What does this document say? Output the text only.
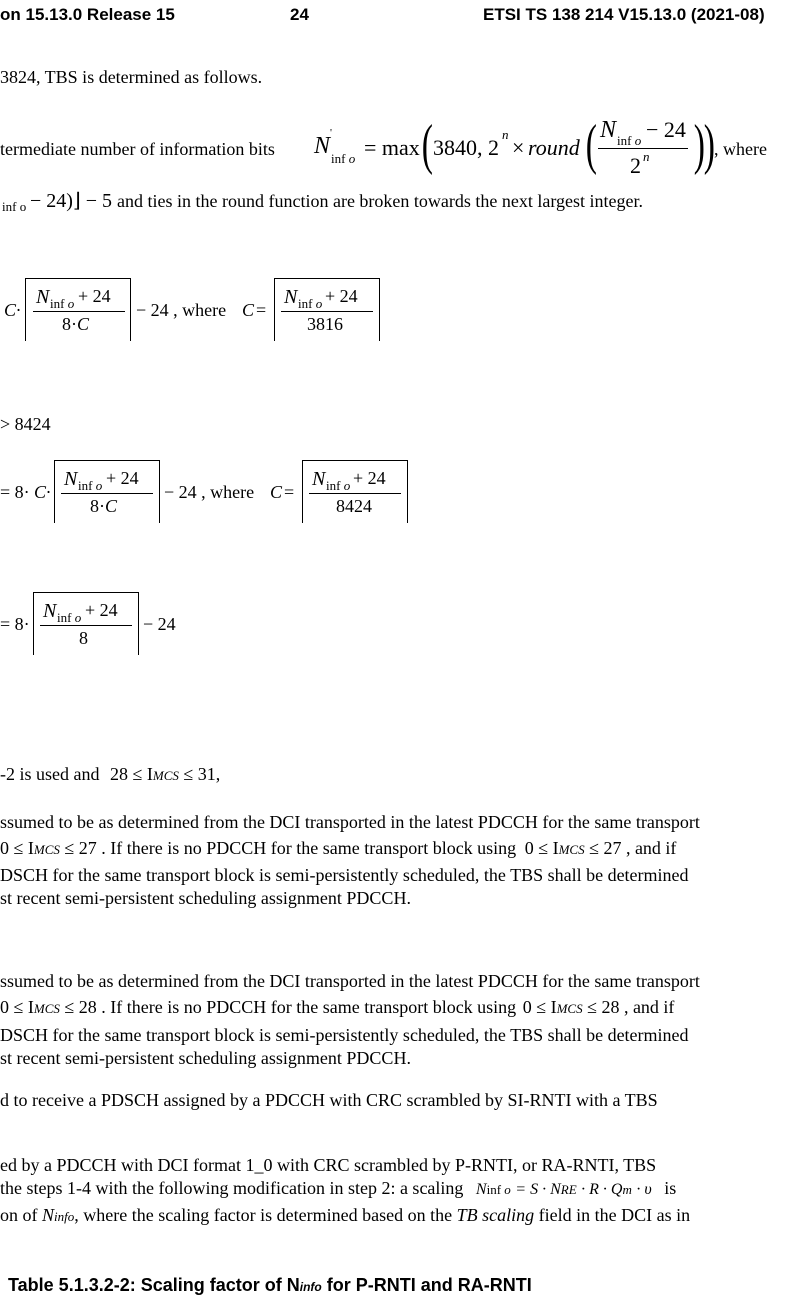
on 15.13.0 Release 15	24	ETSI TS 138 214 V15.13.0 (2021-08)
3824, TBS is determined as follows.
termediate number of information bits N '
inf o = max ( 3840, 2
n
× round ( N inf o − 24
2 n )
) , where
inf o − 24)⌋ − 5 and ties in the round function are broken towards the next largest integer.
C·
N inf o + 24
8·C
− 24 , where C =
N inf o + 24
3816
> 8424
= 8· C·
N inf o + 24
8·C
− 24 , where C =
N inf o + 24
8424
= 8·
N inf o + 24
8
− 24
-2 is used and 28 ≤ IMCS ≤ 31,
ssumed to be as determined from the DCI transported in the latest PDCCH for the same transport
0 ≤ IMCS ≤ 27 . If there is no PDCCH for the same transport block using 0 ≤ IMCS ≤ 27 , and if
DSCH for the same transport block is semi-persistently scheduled, the TBS shall be determined
st recent semi-persistent scheduling assignment PDCCH.
ssumed to be as determined from the DCI transported in the latest PDCCH for the same transport
0 ≤ IMCS ≤ 28 . If there is no PDCCH for the same transport block using 0 ≤ IMCS ≤ 28 , and if
DSCH for the same transport block is semi-persistently scheduled, the TBS shall be determined
st recent semi-persistent scheduling assignment PDCCH.
d to receive a PDSCH assigned by a PDCCH with CRC scrambled by SI-RNTI with a TBS
ed by a PDCCH with DCI format 1_0 with CRC scrambled by P-RNTI, or RA-RNTI, TBS
the steps 1-4 with the following modification in step 2: a scaling Ninf o = S · NRE · R · Qm · υ is
on of Ninfo, where the scaling factor is determined based on the TB scaling field in the DCI as in
Table 5.1.3.2-2: Scaling factor of Ninfo for P-RNTI and RA-RNTI
